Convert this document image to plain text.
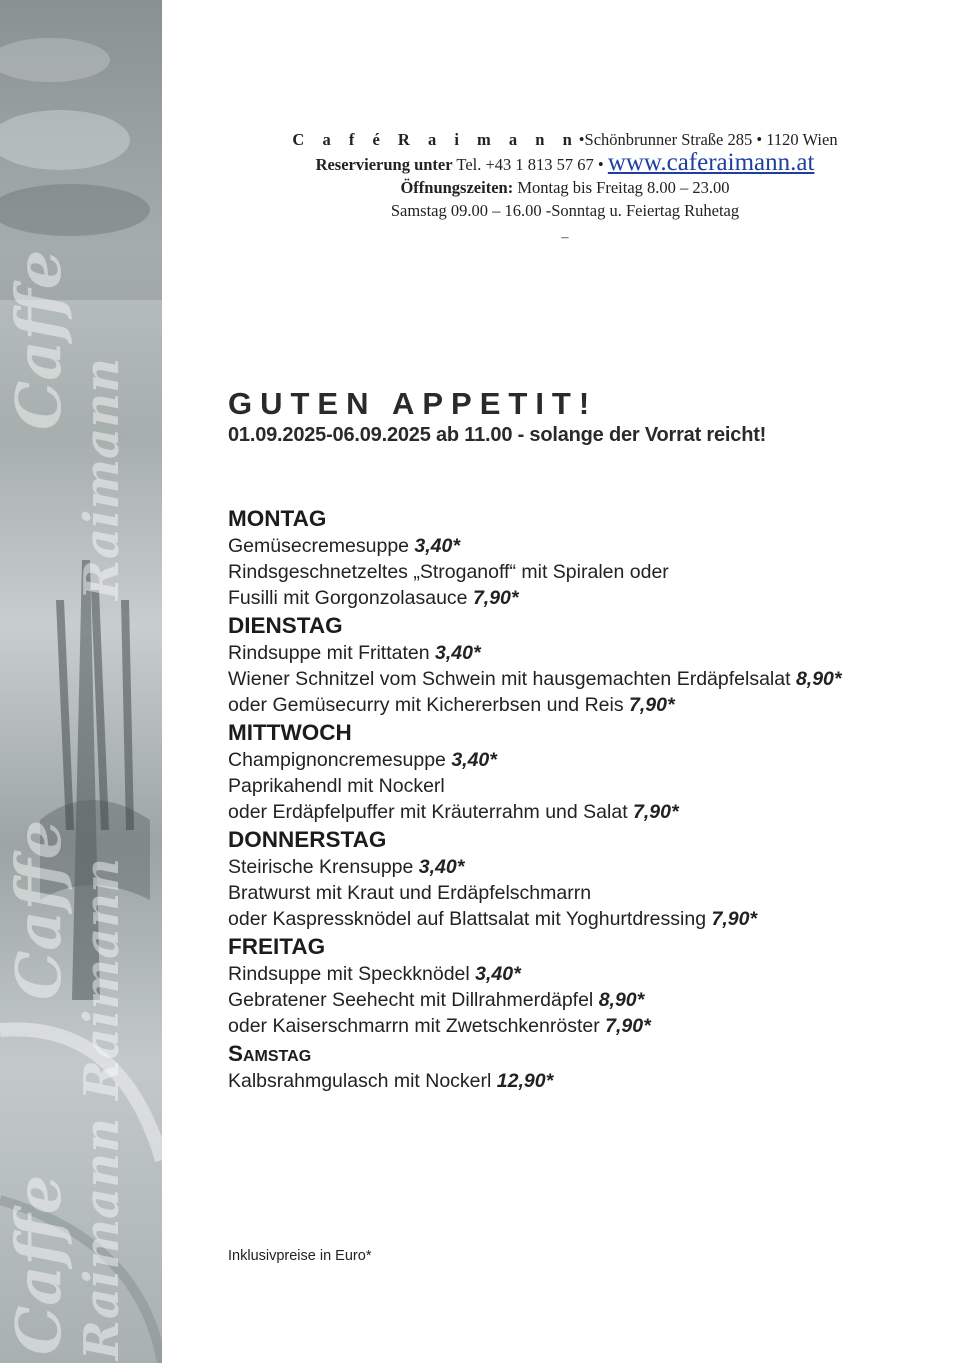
Caffe
Raimann
Caffe Raimann
Caffe Raimann
C a f é R a i m a n n•Schönbrunner Straße 285 • 1120 Wien
Reservierung unter Tel. +43 1 813 57 67 • www.caferaimann.at
Öffnungszeiten: Montag bis Freitag 8.00 – 23.00
Samstag 09.00 – 16.00 -Sonntag u. Feiertag Ruhetag
–
GUTEN APPETIT!
01.09.2025-06.09.2025 ab 11.00 - solange der Vorrat reicht!
MONTAG
Gemüsecremesuppe 3,40*
Rindsgeschnetzeltes „Stroganoff“ mit Spiralen oder
Fusilli mit Gorgonzolasauce 7,90*
DIENSTAG
Rindsuppe mit Frittaten 3,40*
Wiener Schnitzel vom Schwein mit hausgemachten Erdäpfelsalat 8,90*
oder Gemüsecurry mit Kichererbsen und Reis 7,90*
MITTWOCH
Champignoncremesuppe 3,40*
Paprikahendl mit Nockerl
oder Erdäpfelpuffer mit Kräuterrahm und Salat 7,90*
DONNERSTAG
Steirische Krensuppe 3,40*
Bratwurst mit Kraut und Erdäpfelschmarrn
oder Kaspressknödel auf Blattsalat mit Yoghurtdressing 7,90*
FREITAG
Rindsuppe mit Speckknödel 3,40*
Gebratener Seehecht mit Dillrahmerdäpfel 8,90*
oder Kaiserschmarrn mit Zwetschkenröster 7,90*
Samstag
Kalbsrahmgulasch mit Nockerl 12,90*
Inklusivpreise in Euro*
